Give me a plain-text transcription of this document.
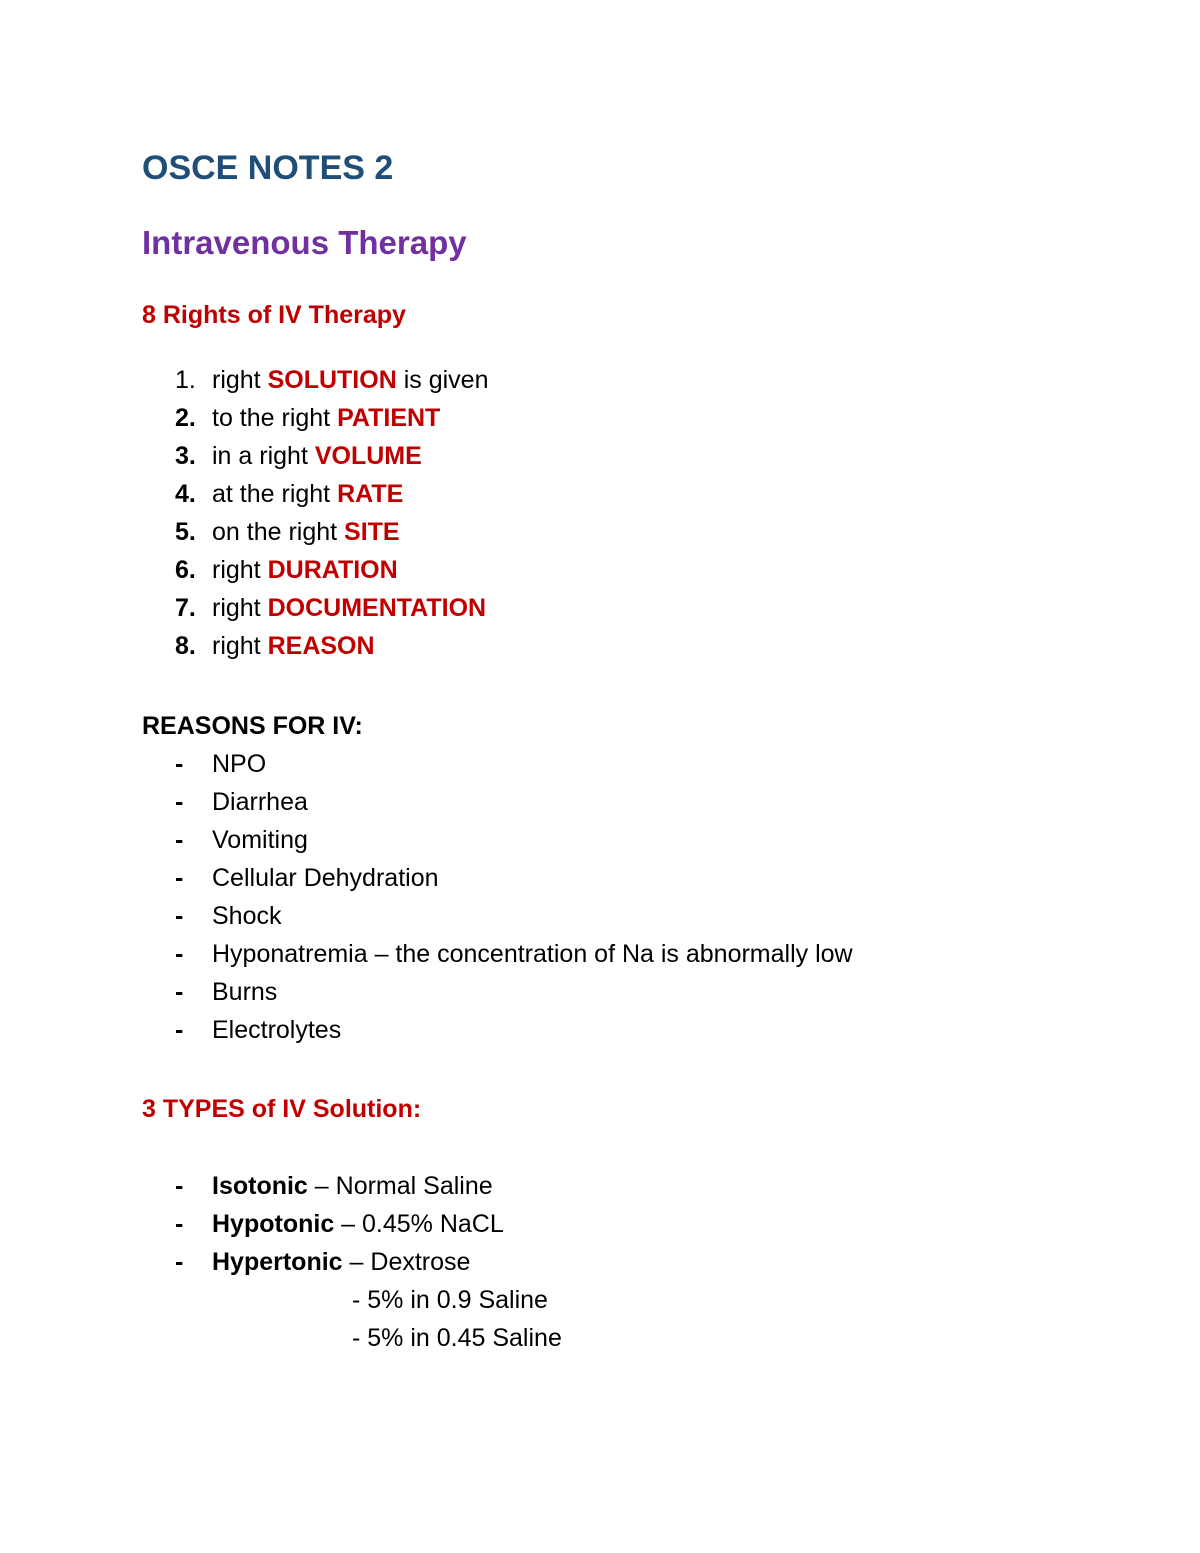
OSCE NOTES 2
Intravenous Therapy
8 Rights of IV Therapy
1. right SOLUTION is given
2. to the right PATIENT
3. in a right VOLUME
4. at the right RATE
5. on the right SITE
6. right DURATION
7. right DOCUMENTATION
8. right REASON
REASONS FOR IV:
- NPO
- Diarrhea
- Vomiting
- Cellular Dehydration
- Shock
- Hyponatremia – the concentration of Na is abnormally low
- Burns
- Electrolytes
3 TYPES of IV Solution:
- Isotonic – Normal Saline
- Hypotonic – 0.45% NaCL
- Hypertonic – Dextrose
- 5% in 0.9 Saline
- 5% in 0.45 Saline
